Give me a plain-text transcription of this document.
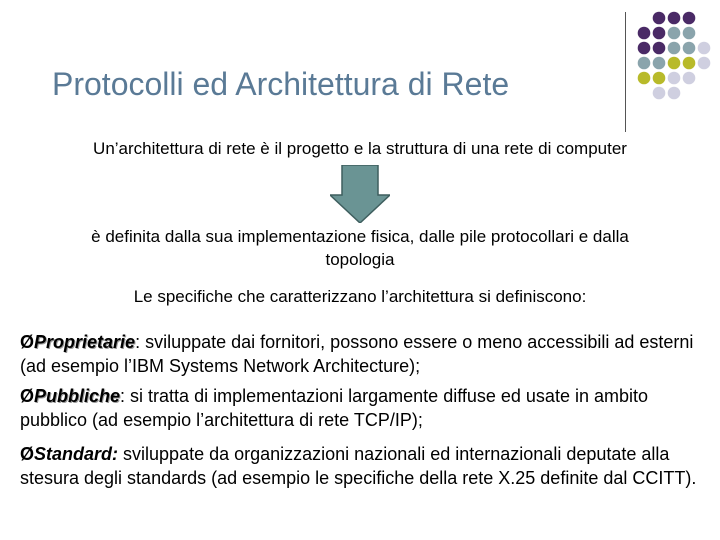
Protocolli ed Architettura di Rete
Un’architettura di rete è il progetto e la struttura di una rete di computer
è definita dalla sua implementazione fisica, dalle pile protocollari e dalla
topologia
Le specifiche che caratterizzano l’architettura si definiscono:
ØProprietarie: sviluppate dai fornitori, possono essere o meno accessibili ad esterni (ad esempio l’IBM Systems Network Architecture);
ØPubbliche: si tratta di implementazioni largamente diffuse ed usate in ambito pubblico (ad esempio l’architettura di rete TCP/IP);
ØStandard: sviluppate da organizzazioni nazionali ed internazionali deputate alla stesura degli standards (ad esempio le specifiche della rete X.25 definite dal CCITT).
